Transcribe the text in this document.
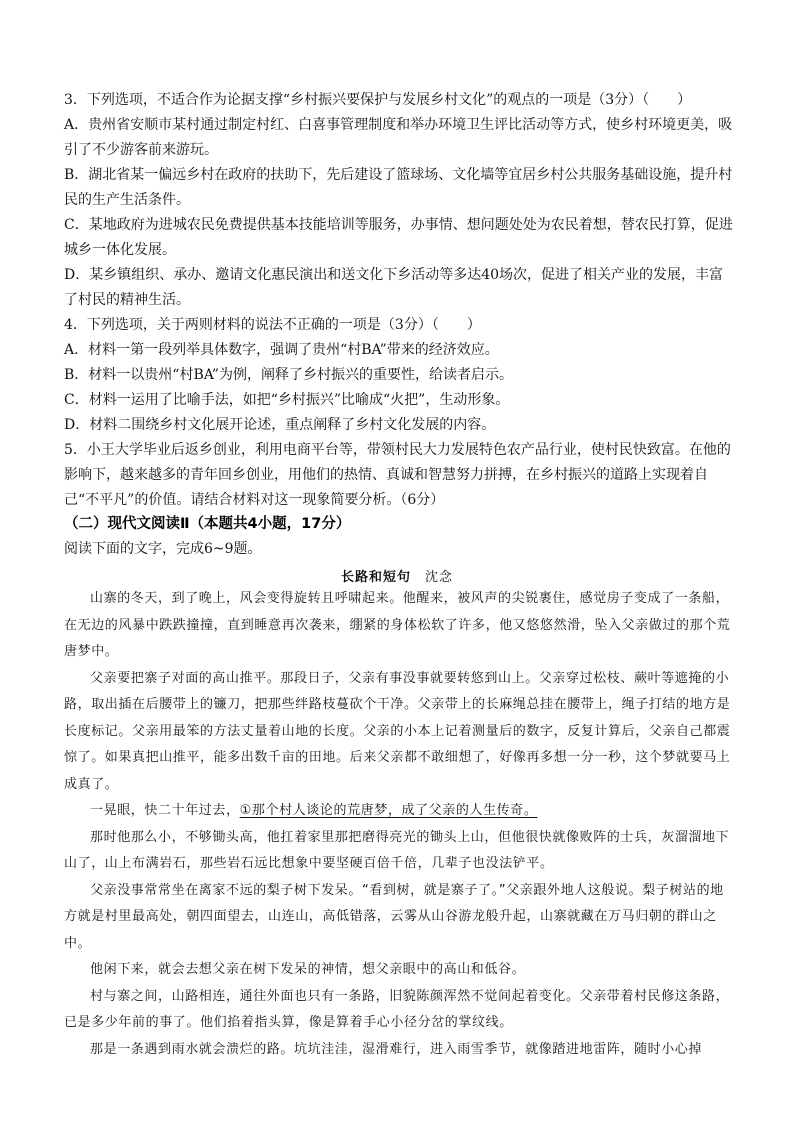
3．下列选项，不适合作为论据支撑“乡村振兴要保护与发展乡村文化”的观点的一项是（3分）（　　）
A．贵州省安顺市某村通过制定村红、白喜事管理制度和举办环境卫生评比活动等方式，使乡村环境更美，吸引了不少游客前来游玩。
B．湖北省某一偏远乡村在政府的扶助下，先后建设了篮球场、文化墙等宜居乡村公共服务基础设施，提升村民的生产生活条件。
C．某地政府为进城农民免费提供基本技能培训等服务，办事情、想问题处处为农民着想，替农民打算，促进城乡一体化发展。
D．某乡镇组织、承办、邀请文化惠民演出和送文化下乡活动等多达40场次，促进了相关产业的发展，丰富了村民的精神生活。
4．下列选项，关于两则材料的说法不正确的一项是（3分）（　　）
A．材料一第一段列举具体数字，强调了贵州“村BA”带来的经济效应。
B．材料一以贵州“村BA”为例，阐释了乡村振兴的重要性，给读者启示。
C．材料一运用了比喻手法，如把“乡村振兴”比喻成“火把”，生动形象。
D．材料二围绕乡村文化展开论述，重点阐释了乡村文化发展的内容。
5．小王大学毕业后返乡创业，利用电商平台等，带领村民大力发展特色农产品行业，使村民快致富。在他的影响下，越来越多的青年回乡创业，用他们的热情、真诚和智慧努力拼搏，在乡村振兴的道路上实现着自己“不平凡”的价值。请结合材料对这一现象简要分析。（6分）
（二）现代文阅读Ⅱ（本题共4小题，17分）
阅读下面的文字，完成6~9题。
长路和短句 沈念

山寨的冬天，到了晚上，风会变得旋转且呼啸起来。他醒来，被风声的尖锐裹住，感觉房子变成了一条船，在无边的风暴中跌跌撞撞，直到睡意再次袭来，绷紧的身体松软了许多，他又悠悠然滑，坠入父亲做过的那个荒唐梦中。

父亲要把寨子对面的高山推平。那段日子，父亲有事没事就要转悠到山上。父亲穿过松枝、蕨叶等遮掩的小路，取出插在后腰带上的镰刀，把那些绊路枝蔓砍个干净。父亲带上的长麻绳总挂在腰带上，绳子打结的地方是长度标记。父亲用最笨的方法丈量着山地的长度。父亲的小本上记着测量后的数字，反复计算后，父亲自己都震惊了。如果真把山推平，能多出数千亩的田地。后来父亲都不敢细想了，好像再多想一分一秒，这个梦就要马上成真了。

一晃眼，快二十年过去，①那个村人谈论的荒唐梦，成了父亲的人生传奇。

那时他那么小，不够锄头高，他扛着家里那把磨得亮光的锄头上山，但他很快就像败阵的士兵，灰溜溜地下山了，山上布满岩石，那些岩石远比想象中要坚硬百倍千倍，几辈子也没法铲平。

父亲没事常常坐在离家不远的梨子树下发呆。“看到树，就是寨子了。”父亲跟外地人这般说。梨子树站的地方就是村里最高处，朝四面望去，山连山，高低错落，云雾从山谷游龙般升起，山寨就藏在万马归朝的群山之中。

他闲下来，就会去想父亲在树下发呆的神情，想父亲眼中的高山和低谷。

村与寨之间，山路相连，通往外面也只有一条路，旧貌陈颜浑然不觉间起着变化。父亲带着村民修这条路，已是多少年前的事了。他们掐着指头算，像是算着手心小径分岔的掌纹线。

那是一条遇到雨水就会溃烂的路。坑坑洼洼，湿滑难行，进入雨雪季节，就像踏进地雷阵，随时小心掉
